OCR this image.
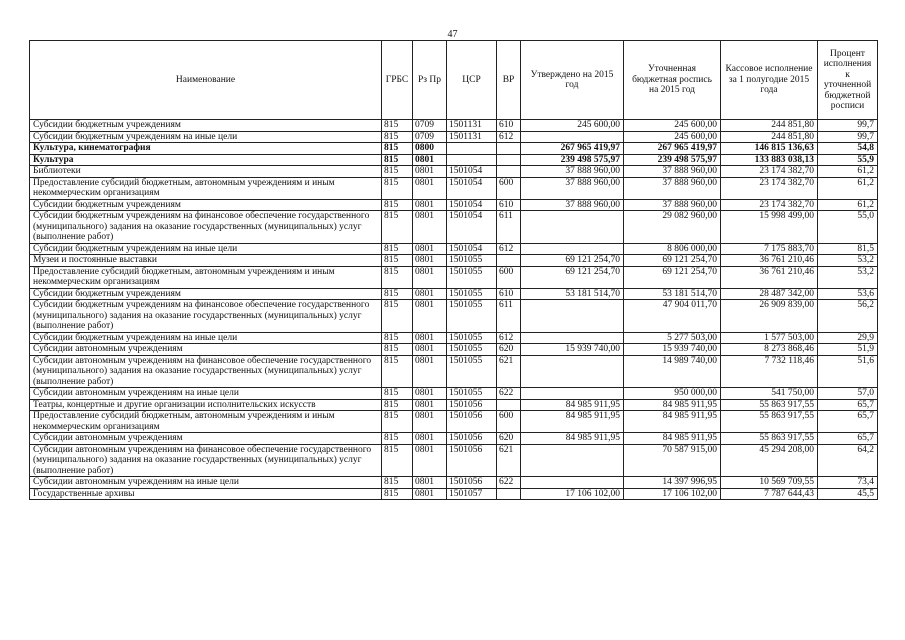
47
Наименование	ГРБС	Рз Пр	ЦСР	ВР	Утверждено на 2015 год	Уточненная бюджетная роспись на 2015 год	Кассовое исполнение за 1 полугодие 2015 года	Процент исполнения к уточненной бюджетной росписи
Субсидии бюджетным учреждениям	815	0709	1501131	610	245 600,00	245 600,00	244 851,80	99,7
Субсидии бюджетным учреждениям на иные цели	815	0709	1501131	612		245 600,00	244 851,80	99,7
Культура, кинематография	815	0800			267 965 419,97	267 965 419,97	146 815 136,63	54,8
Культура	815	0801			239 498 575,97	239 498 575,97	133 883 038,13	55,9
Библиотеки	815	0801	1501054		37 888 960,00	37 888 960,00	23 174 382,70	61,2
Предоставление субсидий бюджетным, автономным учреждениям и иным некоммерческим организациям	815	0801	1501054	600	37 888 960,00	37 888 960,00	23 174 382,70	61,2
Субсидии бюджетным учреждениям	815	0801	1501054	610	37 888 960,00	37 888 960,00	23 174 382,70	61,2
Субсидии бюджетным учреждениям на финансовое обеспечение государственного (муниципального) задания на оказание государственных (муниципальных) услуг (выполнение работ)	815	0801	1501054	611		29 082 960,00	15 998 499,00	55,0
Субсидии бюджетным учреждениям на иные цели	815	0801	1501054	612		8 806 000,00	7 175 883,70	81,5
Музеи и постоянные выставки	815	0801	1501055		69 121 254,70	69 121 254,70	36 761 210,46	53,2
Предоставление субсидий бюджетным, автономным учреждениям и иным некоммерческим организациям	815	0801	1501055	600	69 121 254,70	69 121 254,70	36 761 210,46	53,2
Субсидии бюджетным учреждениям	815	0801	1501055	610	53 181 514,70	53 181 514,70	28 487 342,00	53,6
Субсидии бюджетным учреждениям на финансовое обеспечение государственного (муниципального) задания на оказание государственных (муниципальных) услуг (выполнение работ)	815	0801	1501055	611		47 904 011,70	26 909 839,00	56,2
Субсидии бюджетным учреждениям на иные цели	815	0801	1501055	612		5 277 503,00	1 577 503,00	29,9
Субсидии автономным учреждениям	815	0801	1501055	620	15 939 740,00	15 939 740,00	8 273 868,46	51,9
Субсидии автономным учреждениям на финансовое обеспечение государственного (муниципального) задания на оказание государственных (муниципальных) услуг (выполнение работ)	815	0801	1501055	621		14 989 740,00	7 732 118,46	51,6
Субсидии автономным учреждениям на иные цели	815	0801	1501055	622		950 000,00	541 750,00	57,0
Театры, концертные и другие организации исполнительских искусств	815	0801	1501056		84 985 911,95	84 985 911,95	55 863 917,55	65,7
Предоставление субсидий бюджетным, автономным учреждениям и иным некоммерческим организациям	815	0801	1501056	600	84 985 911,95	84 985 911,95	55 863 917,55	65,7
Субсидии автономным учреждениям	815	0801	1501056	620	84 985 911,95	84 985 911,95	55 863 917,55	65,7
Субсидии автономным учреждениям на финансовое обеспечение государственного (муниципального) задания на оказание государственных (муниципальных) услуг (выполнение работ)	815	0801	1501056	621		70 587 915,00	45 294 208,00	64,2
Субсидии автономным учреждениям на иные цели	815	0801	1501056	622		14 397 996,95	10 569 709,55	73,4
Государственные архивы	815	0801	1501057		17 106 102,00	17 106 102,00	7 787 644,43	45,5
